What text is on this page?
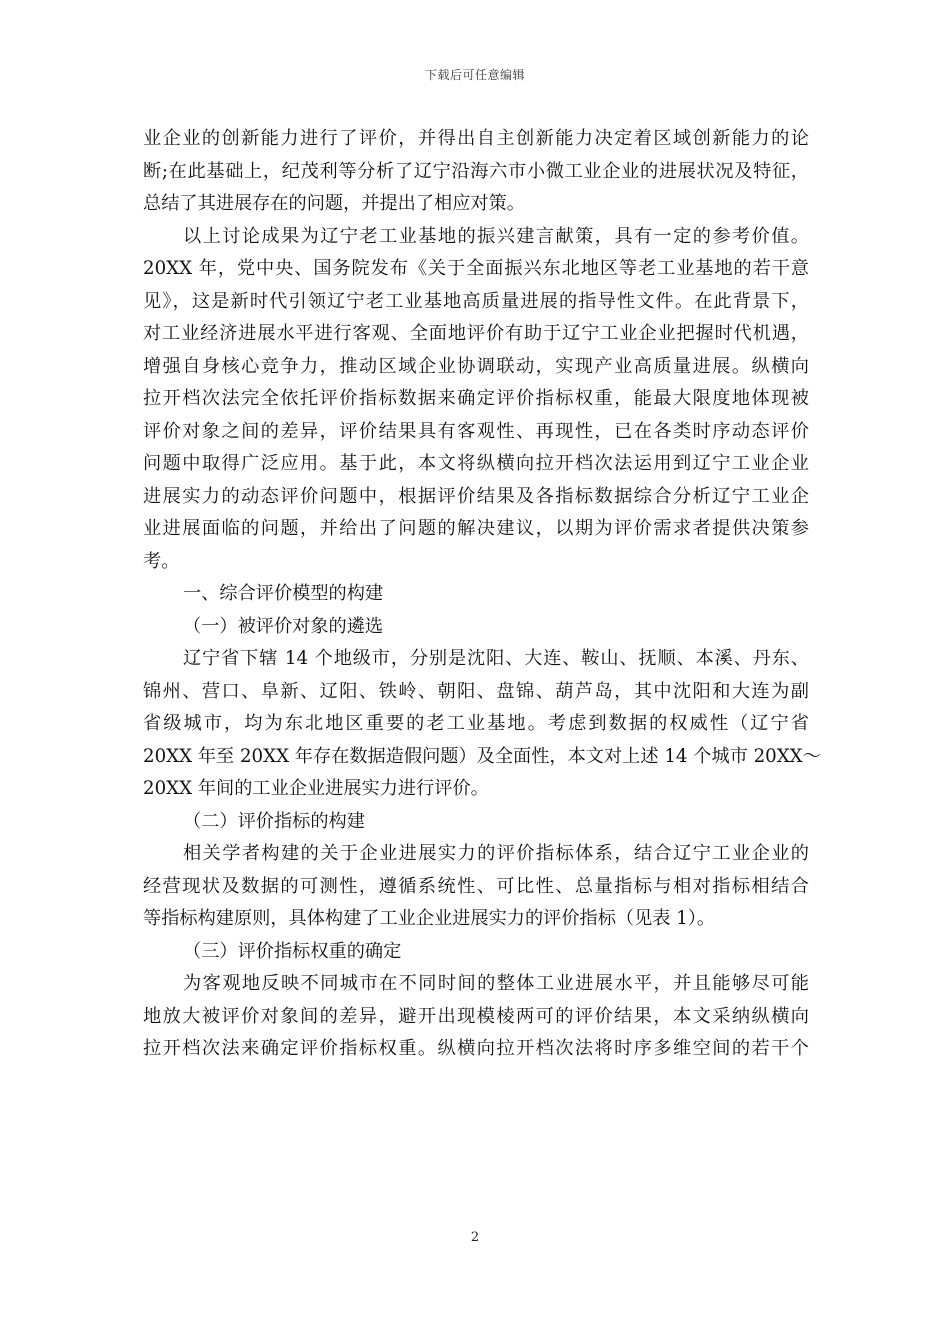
下载后可任意编辑
业企业的创新能力进行了评价，并得出自主创新能力决定着区域创新能力的论
断;在此基础上，纪茂利等分析了辽宁沿海六市小微工业企业的进展状况及特征，
总结了其进展存在的问题，并提出了相应对策。
以上讨论成果为辽宁老工业基地的振兴建言献策，具有一定的参考价值。
20XX 年，党中央、国务院发布《关于全面振兴东北地区等老工业基地的若干意
见》，这是新时代引领辽宁老工业基地高质量进展的指导性文件。在此背景下，
对工业经济进展水平进行客观、全面地评价有助于辽宁工业企业把握时代机遇，
增强自身核心竞争力，推动区域企业协调联动，实现产业高质量进展。纵横向
拉开档次法完全依托评价指标数据来确定评价指标权重，能最大限度地体现被
评价对象之间的差异，评价结果具有客观性、再现性，已在各类时序动态评价
问题中取得广泛应用。基于此，本文将纵横向拉开档次法运用到辽宁工业企业
进展实力的动态评价问题中，根据评价结果及各指标数据综合分析辽宁工业企
业进展面临的问题，并给出了问题的解决建议，以期为评价需求者提供决策参
考。
一、综合评价模型的构建
（一）被评价对象的遴选
辽宁省下辖 14 个地级市，分别是沈阳、大连、鞍山、抚顺、本溪、丹东、
锦州、营口、阜新、辽阳、铁岭、朝阳、盘锦、葫芦岛，其中沈阳和大连为副
省级城市，均为东北地区重要的老工业基地。考虑到数据的权威性（辽宁省
20XX 年至 20XX 年存在数据造假问题）及全面性，本文对上述 14 个城市 20XX～
20XX 年间的工业企业进展实力进行评价。
（二）评价指标的构建
相关学者构建的关于企业进展实力的评价指标体系，结合辽宁工业企业的
经营现状及数据的可测性，遵循系统性、可比性、总量指标与相对指标相结合
等指标构建原则，具体构建了工业企业进展实力的评价指标（见表 1）。
（三）评价指标权重的确定
为客观地反映不同城市在不同时间的整体工业进展水平，并且能够尽可能
地放大被评价对象间的差异，避开出现模棱两可的评价结果，本文采纳纵横向
拉开档次法来确定评价指标权重。纵横向拉开档次法将时序多维空间的若干个
2
